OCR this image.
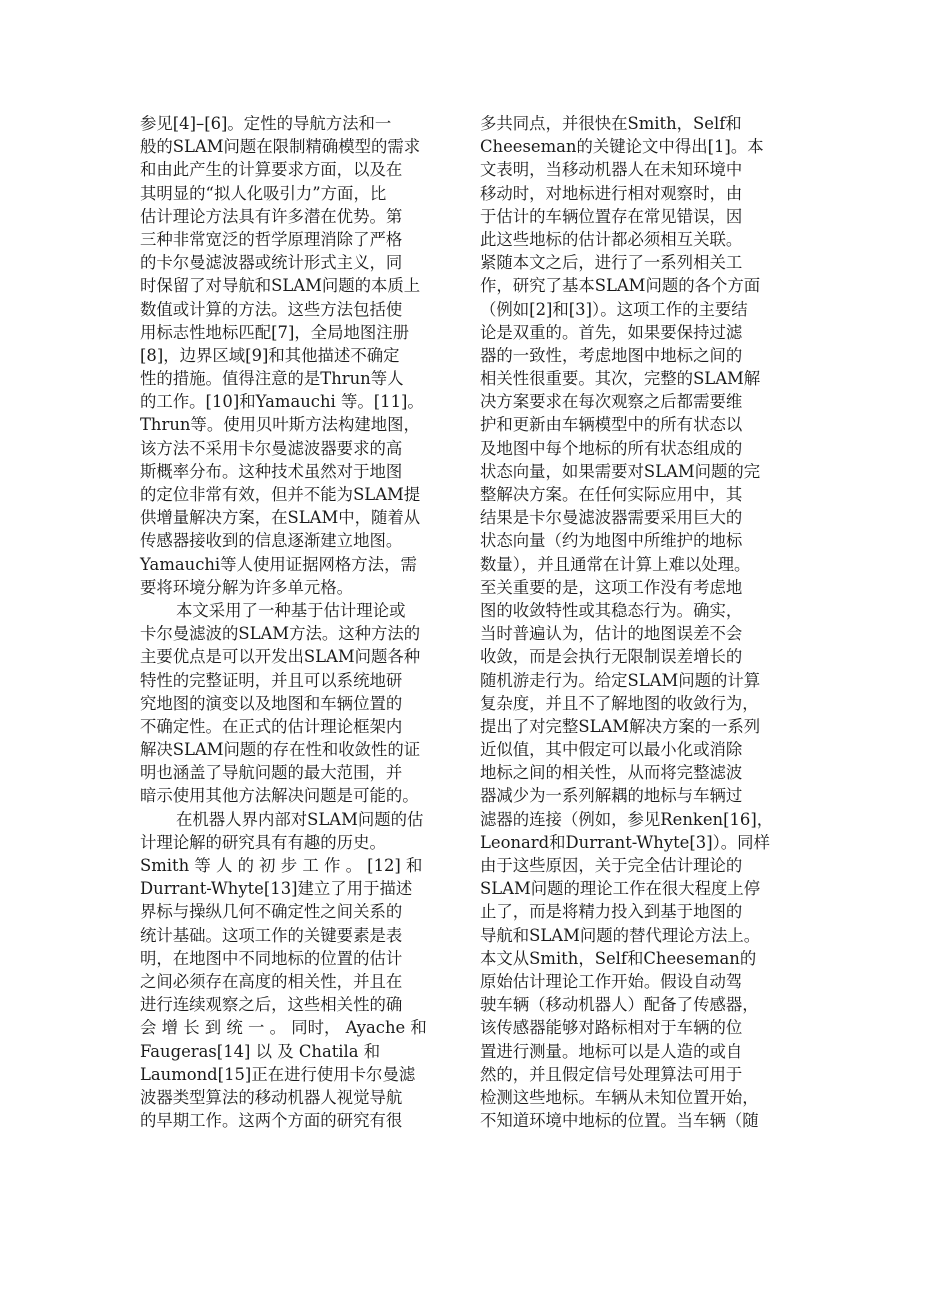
参见[4]–[6]。定性的导航方法和一
般的SLAM问题在限制精确模型的需求
和由此产生的计算要求方面，以及在
其明显的“拟人化吸引力”方面，比
估计理论方法具有许多潜在优势。第
三种非常宽泛的哲学原理消除了严格
的卡尔曼滤波器或统计形式主义，同
时保留了对导航和SLAM问题的本质上
数值或计算的方法。这些方法包括使
用标志性地标匹配[7]，全局地图注册
[8]，边界区域[9]和其他描述不确定
性的措施。值得注意的是Thrun等人
的工作。[10]和Yamauchi 等。[11]。
Thrun等。使用贝叶斯方法构建地图，
该方法不采用卡尔曼滤波器要求的高
斯概率分布。这种技术虽然对于地图
的定位非常有效，但并不能为SLAM提
供增量解决方案，在SLAM中，随着从
传感器接收到的信息逐渐建立地图。
Yamauchi等人使用证据网格方法，需
要将环境分解为许多单元格。
本文采用了一种基于估计理论或
卡尔曼滤波的SLAM方法。这种方法的
主要优点是可以开发出SLAM问题各种
特性的完整证明，并且可以系统地研
究地图的演变以及地图和车辆位置的
不确定性。在正式的估计理论框架内
解决SLAM问题的存在性和收敛性的证
明也涵盖了导航问题的最大范围，并
暗示使用其他方法解决问题是可能的。
在机器人界内部对SLAM问题的估
计理论解的研究具有有趣的历史。
Smith 等 人 的 初 步 工 作 。 [12] 和
Durrant-Whyte[13]建立了用于描述
界标与操纵几何不确定性之间关系的
统计基础。这项工作的关键要素是表
明，在地图中不同地标的位置的估计
之间必须存在高度的相关性，并且在
进行连续观察之后，这些相关性的确
会 增 长 到 统 一 。 同时， Ayache 和
Faugeras[14] 以 及 Chatila 和
Laumond[15]正在进行使用卡尔曼滤
波器类型算法的移动机器人视觉导航
的早期工作。这两个方面的研究有很
多共同点，并很快在Smith，Self和
Cheeseman的关键论文中得出[1]。本
文表明，当移动机器人在未知环境中
移动时，对地标进行相对观察时，由
于估计的车辆位置存在常见错误，因
此这些地标的估计都必须相互关联。
紧随本文之后，进行了一系列相关工
作，研究了基本SLAM问题的各个方面
（例如[2]和[3]）。这项工作的主要结
论是双重的。首先，如果要保持过滤
器的一致性，考虑地图中地标之间的
相关性很重要。其次，完整的SLAM解
决方案要求在每次观察之后都需要维
护和更新由车辆模型中的所有状态以
及地图中每个地标的所有状态组成的
状态向量，如果需要对SLAM问题的完
整解决方案。在任何实际应用中，其
结果是卡尔曼滤波器需要采用巨大的
状态向量（约为地图中所维护的地标
数量），并且通常在计算上难以处理。
至关重要的是，这项工作没有考虑地
图的收敛特性或其稳态行为。确实，
当时普遍认为，估计的地图误差不会
收敛，而是会执行无限制误差增长的
随机游走行为。给定SLAM问题的计算
复杂度，并且不了解地图的收敛行为，
提出了对完整SLAM解决方案的一系列
近似值，其中假定可以最小化或消除
地标之间的相关性，从而将完整滤波
器减少为一系列解耦的地标与车辆过
滤器的连接（例如，参见Renken[16]，
Leonard和Durrant-Whyte[3]）。同样
由于这些原因，关于完全估计理论的
SLAM问题的理论工作在很大程度上停
止了，而是将精力投入到基于地图的
导航和SLAM问题的替代理论方法上。
本文从Smith，Self和Cheeseman的
原始估计理论工作开始。假设自动驾
驶车辆（移动机器人）配备了传感器，
该传感器能够对路标相对于车辆的位
置进行测量。地标可以是人造的或自
然的，并且假定信号处理算法可用于
检测这些地标。车辆从未知位置开始，
不知道环境中地标的位置。当车辆（随
